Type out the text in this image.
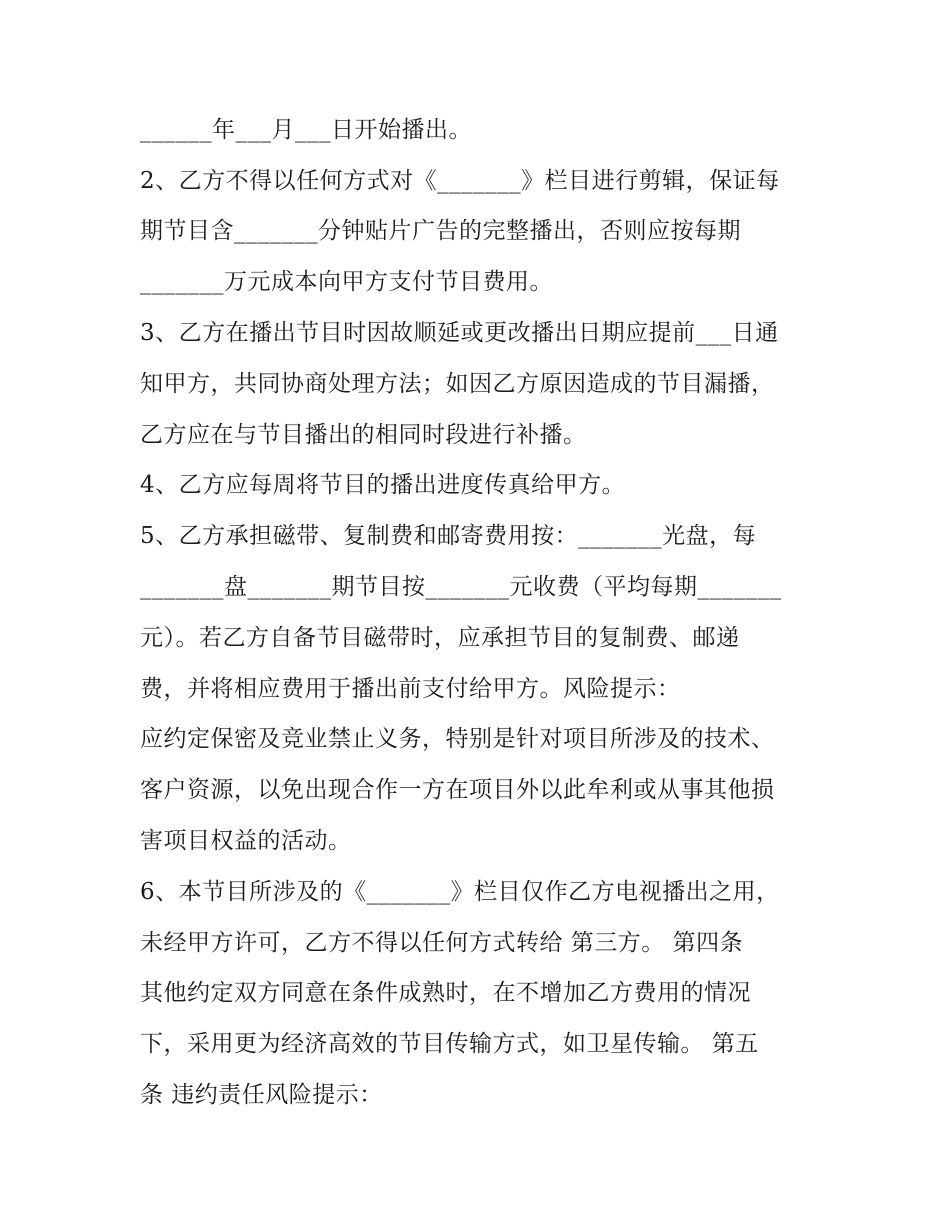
______年___月___日开始播出。
2、乙方不得以任何方式对《_______》栏目进行剪辑，保证每
期节目含_______分钟贴片广告的完整播出，否则应按每期
_______万元成本向甲方支付节目费用。
3、乙方在播出节目时因故顺延或更改播出日期应提前___日通
知甲方，共同协商处理方法；如因乙方原因造成的节目漏播，
乙方应在与节目播出的相同时段进行补播。
4、乙方应每周将节目的播出进度传真给甲方。
5、乙方承担磁带、复制费和邮寄费用按：_______光盘，每
_______盘_______期节目按_______元收费（平均每期_______
元）。若乙方自备节目磁带时，应承担节目的复制费、邮递
费，并将相应费用于播出前支付给甲方。风险提示：
应约定保密及竞业禁止义务，特别是针对项目所涉及的技术、
客户资源，以免出现合作一方在项目外以此牟利或从事其他损
害项目权益的活动。
6、本节目所涉及的《_______》栏目仅作乙方电视播出之用，
未经甲方许可，乙方不得以任何方式转给 第三方。 第四条
其他约定双方同意在条件成熟时，在不增加乙方费用的情况
下，采用更为经济高效的节目传输方式，如卫星传输。 第五
条 违约责任风险提示：
